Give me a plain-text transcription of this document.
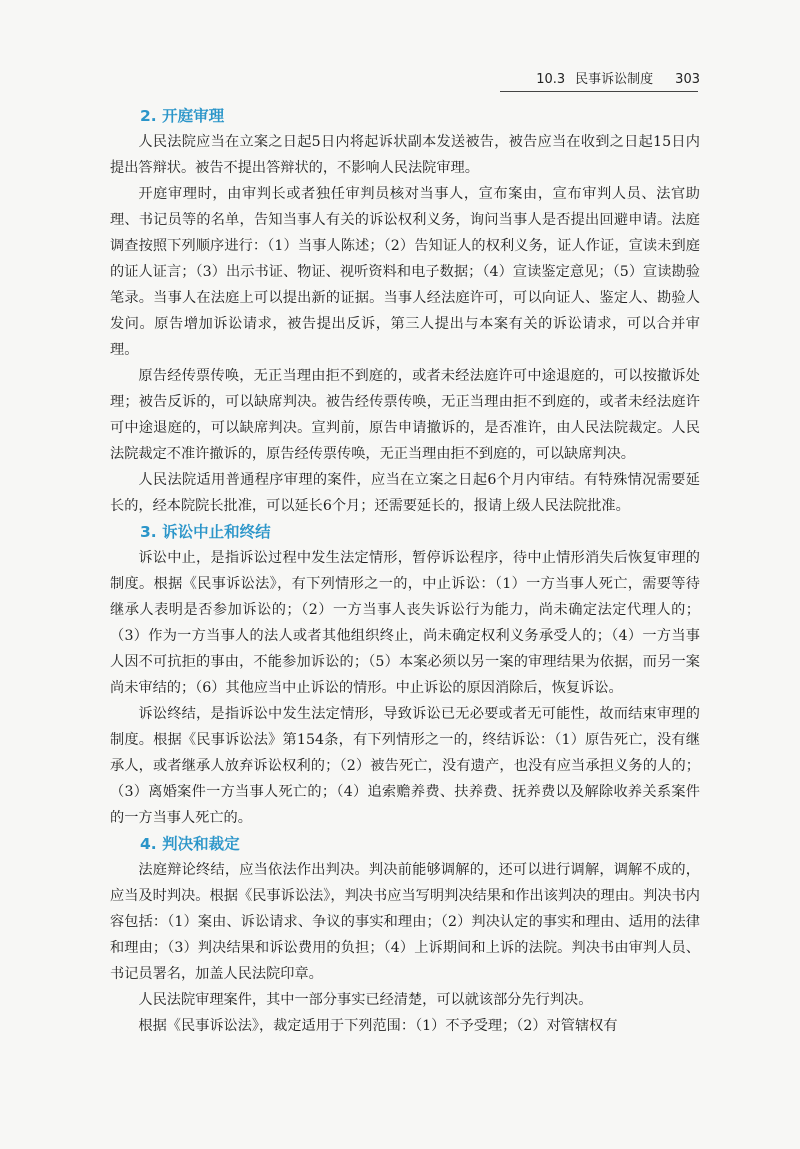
10.3 民事诉讼制度 303
2. 开庭审理

人民法院应当在立案之日起5日内将起诉状副本发送被告，被告应当在收到之日起15日内提出答辩状。被告不提出答辩状的，不影响人民法院审理。

开庭审理时，由审判长或者独任审判员核对当事人，宣布案由，宣布审判人员、法官助理、书记员等的名单，告知当事人有关的诉讼权利义务，询问当事人是否提出回避申请。法庭调查按照下列顺序进行：（1）当事人陈述；（2）告知证人的权利义务，证人作证，宣读未到庭的证人证言；（3）出示书证、物证、视听资料和电子数据；（4）宣读鉴定意见；（5）宣读勘验笔录。当事人在法庭上可以提出新的证据。当事人经法庭许可，可以向证人、鉴定人、勘验人发问。原告增加诉讼请求，被告提出反诉，第三人提出与本案有关的诉讼请求，可以合并审理。

原告经传票传唤，无正当理由拒不到庭的，或者未经法庭许可中途退庭的，可以按撤诉处理；被告反诉的，可以缺席判决。被告经传票传唤，无正当理由拒不到庭的，或者未经法庭许可中途退庭的，可以缺席判决。宣判前，原告申请撤诉的，是否准许，由人民法院裁定。人民法院裁定不准许撤诉的，原告经传票传唤，无正当理由拒不到庭的，可以缺席判决。

人民法院适用普通程序审理的案件，应当在立案之日起6个月内审结。有特殊情况需要延长的，经本院院长批准，可以延长6个月；还需要延长的，报请上级人民法院批准。

3. 诉讼中止和终结

诉讼中止，是指诉讼过程中发生法定情形，暂停诉讼程序，待中止情形消失后恢复审理的制度。根据《民事诉讼法》，有下列情形之一的，中止诉讼：（1）一方当事人死亡，需要等待继承人表明是否参加诉讼的；（2）一方当事人丧失诉讼行为能力，尚未确定法定代理人的；（3）作为一方当事人的法人或者其他组织终止，尚未确定权利义务承受人的；（4）一方当事人因不可抗拒的事由，不能参加诉讼的；（5）本案必须以另一案的审理结果为依据，而另一案尚未审结的；（6）其他应当中止诉讼的情形。中止诉讼的原因消除后，恢复诉讼。

诉讼终结，是指诉讼中发生法定情形，导致诉讼已无必要或者无可能性，故而结束审理的制度。根据《民事诉讼法》第154条，有下列情形之一的，终结诉讼：（1）原告死亡，没有继承人，或者继承人放弃诉讼权利的；（2）被告死亡，没有遗产，也没有应当承担义务的人的；（3）离婚案件一方当事人死亡的；（4）追索赡养费、扶养费、抚养费以及解除收养关系案件的一方当事人死亡的。

4. 判决和裁定

法庭辩论终结，应当依法作出判决。判决前能够调解的，还可以进行调解，调解不成的，应当及时判决。根据《民事诉讼法》，判决书应当写明判决结果和作出该判决的理由。判决书内容包括：（1）案由、诉讼请求、争议的事实和理由；（2）判决认定的事实和理由、适用的法律和理由；（3）判决结果和诉讼费用的负担；（4）上诉期间和上诉的法院。判决书由审判人员、书记员署名，加盖人民法院印章。

人民法院审理案件，其中一部分事实已经清楚，可以就该部分先行判决。

根据《民事诉讼法》，裁定适用于下列范围：（1）不予受理；（2）对管辖权有
